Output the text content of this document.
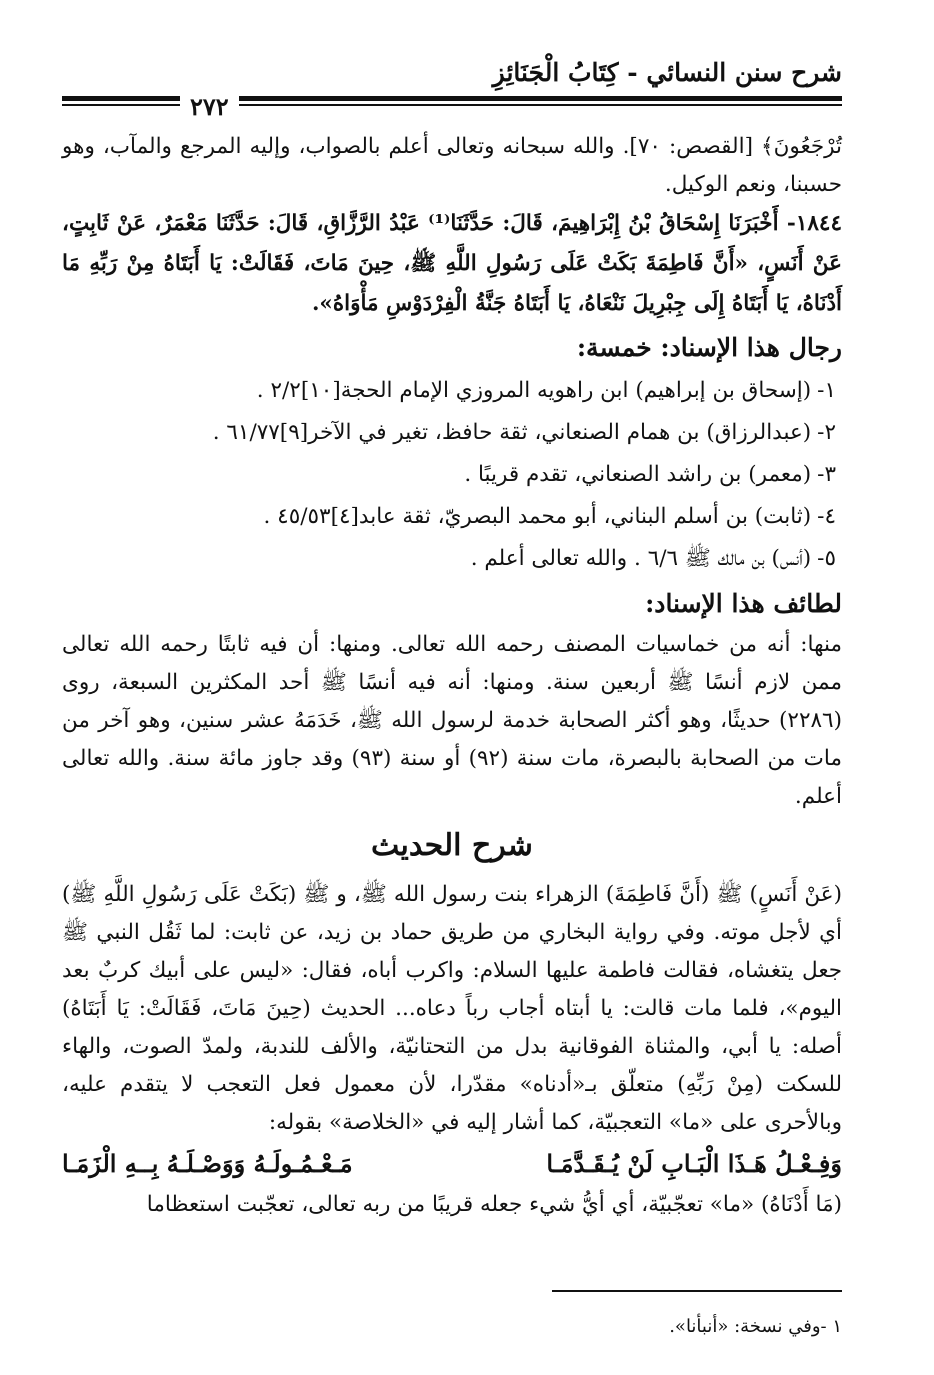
شرح سنن النسائي - كِتَابُ الْجَنَائِزِ
٢٧٢

تُرْجَعُونَ﴾ [القصص: ٧٠]. والله سبحانه وتعالى أعلم بالصواب، وإليه المرجع والمآب، وهو حسبنا، ونعم الوكيل.

١٨٤٤- أَخْبَرَنَا إِسْحَاقُ بْنُ إِبْرَاهِيمَ، قَالَ: حَدَّثَنَا⁽¹⁾ عَبْدُ الرَّزَّاقِ، قَالَ: حَدَّثَنَا مَعْمَرٌ، عَنْ ثَابِتٍ، عَنْ أَنَسٍ، «أَنَّ فَاطِمَةَ بَكَتْ عَلَى رَسُولِ اللَّهِ ﷺ، حِينَ مَاتَ، فَقَالَتْ: يَا أَبَتَاهُ مِنْ رَبِّهِ مَا أَدْنَاهُ، يَا أَبَتَاهُ إِلَى جِبْرِيلَ نَنْعَاهُ، يَا أَبَتَاهُ جَنَّةُ الْفِرْدَوْسِ مَأْوَاهُ».

رجال هذا الإسناد: خمسة:
١-(إسحاق بن إبراهيم) ابن راهويه المروزي الإمام الحجة[١٠]٢/٢ .
٢-(عبدالرزاق) بن همام الصنعاني، ثقة حافظ، تغير في الآخر[٩]٦١/٧٧ .
٣-(معمر) بن راشد الصنعاني، تقدم قريبًا .
٤-(ثابت) بن أسلم البناني، أبو محمد البصريّ، ثقة عابد[٤]٤٥/٥٣ .
٥-(أنس) بن مالك ﷺ ٦/٦ . والله تعالى أعلم .
لطائف هذا الإسناد:

منها: أنه من خماسيات المصنف رحمه الله تعالى. ومنها: أن فيه ثابتًا رحمه الله تعالى ممن لازم أنسًا ﷺ أربعين سنة. ومنها: أنه فيه أنسًا ﷺ أحد المكثرين السبعة، روى (٢٢٨٦) حديثًا، وهو أكثر الصحابة خدمة لرسول الله ﷺ، خَدَمَهُ عشر سنين، وهو آخر من مات من الصحابة بالبصرة، مات سنة (٩٢) أو سنة (٩٣) وقد جاوز مائة سنة. والله تعالى أعلم.

شرح الحديث

(عَنْ أَنَسٍ) ﷺ (أَنَّ فَاطِمَةَ) الزهراء بنت رسول الله ﷺ، و ﷺ (بَكَتْ عَلَى رَسُولِ اللَّهِ ﷺ) أي لأجل موته. وفي رواية البخاري من طريق حماد بن زيد، عن ثابت: لما ثَقُل النبي ﷺ جعل يتغشاه، فقالت فاطمة عليها السلام: واكرب أباه، فقال: «ليس على أبيك كربٌ بعد اليوم»، فلما مات قالت: يا أبتاه أجاب رباً دعاه... الحديث (حِينَ مَاتَ، فَقَالَتْ: يَا أَبَتَاهُ) أصله: يا أبي، والمثناة الفوقانية بدل من التحتانيّة، والألف للندبة، ولمدّ الصوت، والهاء للسكت (مِنْ رَبِّهِ) متعلّق بـ«أدناه» مقدّرا، لأن معمول فعل التعجب لا يتقدم عليه، وبالأحرى على «ما» التعجبيّة، كما أشار إليه في «الخلاصة» بقوله:

وَفِـعْـلُ هَـذَا الْبَـابِ لَنْ يُـقَـدَّمَـا
مَـعْـمُـولَـهُ وَوَصْـلَـهُ بِــهِ الْزَمَـا

(مَا أَدْنَاهُ) «ما» تعجّبيّة، أي أيُّ شيء جعله قريبًا من ربه تعالى، تعجّبت استعظاما

١ -وفي نسخة: «أنبأنا».
